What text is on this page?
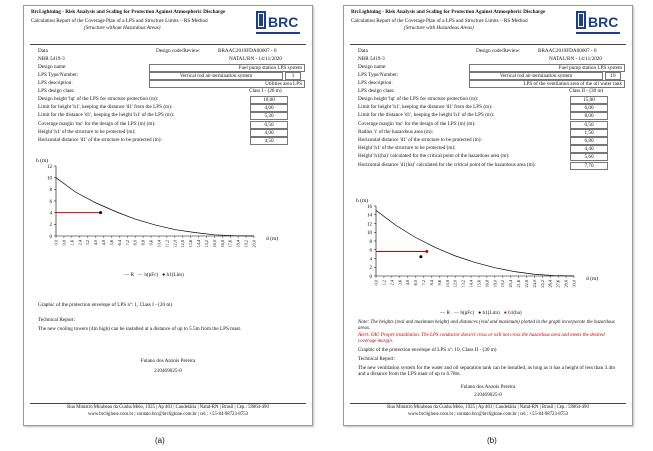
BrcLightning - Risk Analysis and Scaling for Protection Against Atmospheric Discharge
Calculation Report of the Coverage Plan of a LPS and Structure Limits – RS Method
(Structure without Hazardous Areas)	BRC
Data	Design code/Review:	BRAAC2019FDA00007 - 0
NBR 5419-3	NATAL/RN - 14/11/2020
Design name:	Fuel pump station LPS system
LPS Type/Number:	Vertical rod air-termination system	1
LPS description:	Utilities area LPS
LPS design class:	Class I - (20 m)
Design height 'hp' of the LPS for structure protection (m):	10,00
Limit for height 'h1', keeping the distance 'd1' from the LPS (m):	4,00
Limit for the distance 'd1', keeping the height 'h1' of the LPS (m):	5,30
Coverage margin 'mc' for the design of the LPS (m) (m):	0,50
Height 'h1' of the structure to be protected (m):	4,00
Horizontal distance 'd1' of the structure to be protected (m):	4,50
h (m)
0
2
4
6
8
10
12
0,0 0,8 1,6 2,4 3,2 4,0 4,8 5,6 6,4 7,2 8,0 8,8 9,6 10,4 11,2 12,0 12,8 13,6 14,4 15,2 16,0 16,8 17,6 18,4 19,2 20,0
d (m)
— R — h(pFc) ● h1(Lim)
Graphic of the protection envelope of LPS nº: 1, Class I - (20 m)
Technical Report:
The new cooling towers (4m high) can be installed at a distance of up to 5.5m from the LPS mast.
Fulano dos Anzois Pereira
210469025-0
Rua Ministro Mirabeau da Cunha Melo, 1925 | Ap 401 | Candelária | Natal-RN | Brasil | Cep.: 59064-490
www.brcliglone.com.br | contato.brc@brcliglone.com.br | cel.: +55-84-98723-8753
BrcLightning - Risk Analysis and Scaling for Protection Against Atmospheric Discharge
Calculation Report of the Coverage Plan of a LPS and Structure Limits – RS Method
(Structure with Hazardous Areas)	BRC
Data	Design code/Review:	BRAAC2019FDA00007 - 0
NBR 5419-3	NATAL/RN - 14/11/2020
Design name:	Fuel pump station LPS system
LPS Type/Number:	Vertical rod air-termination system	10
LPS description:	LPS of the ventilation area of the oil water tank
LPS design class:	Class II - (30 m)
Design height 'hp' of the LPS for structure protection (m):	15,00
Limit for height 'h1', keeping the distance 'd1' from the LPS (m):	6,00
Limit for the distance 'd1', keeping the height 'h1' of the LPS (m):	8,00
Coverage margin 'mc' for the design of the LPS (m) (m):	0,50
Radius 'r' of the hazardous area (m):	1,50
Horizontal distance 'd1' of the structure to be protected (m):	6,80
Height 'h1' of the structure to be protected (m):	4,40
Height 'h1(ha)' calculated for the critical point of the hazardous area (m):	5,60
Horizontal distance 'd1(ha)' calculated for the critical point of the hazardous area (m):	7,70
h (m)
0
2
4
6
8
10
12
14
16
0,0 1,2 2,4 3,6 4,8 6,0 7,2 8,4 9,6 10,8 12,0 13,2 14,4 15,6 16,8 18,0 19,2 20,4 21,6 22,8 24,0 25,2 26,4 27,6 28,8 30,0
d (m)
— R — h(pFc) ● h1(Lim) ● h1(ha)
Note: The heights (real and maximum height) and distances (real and maximum) plotted in the graph incorporate the hazardous areas.
Alert: OK! Proper installation. The LPS conductor doesn't cross or will not cross the hazardous area and meets the desired coverage margin.
Graphic of the protection envelope of LPS nº: 10, Class II - (30 m)
Technical Report:
The new ventilation system for the water and oil separation tank can be installed, as long as it has a height of less than 3.4m and a distance from the LPS mast of up to 6.78m.
Fulano dos Anzois Pereira
210469025-0
Rua Ministro Mirabeau da Cunha Melo, 1925 | Ap 401 | Candelária | Natal-RN | Brasil | Cep.: 59064-490
www.brcliglone.com.br | contato.brc@brcliglone.com.br | cel.: +55-84-98723-8753
(a)	(b)
